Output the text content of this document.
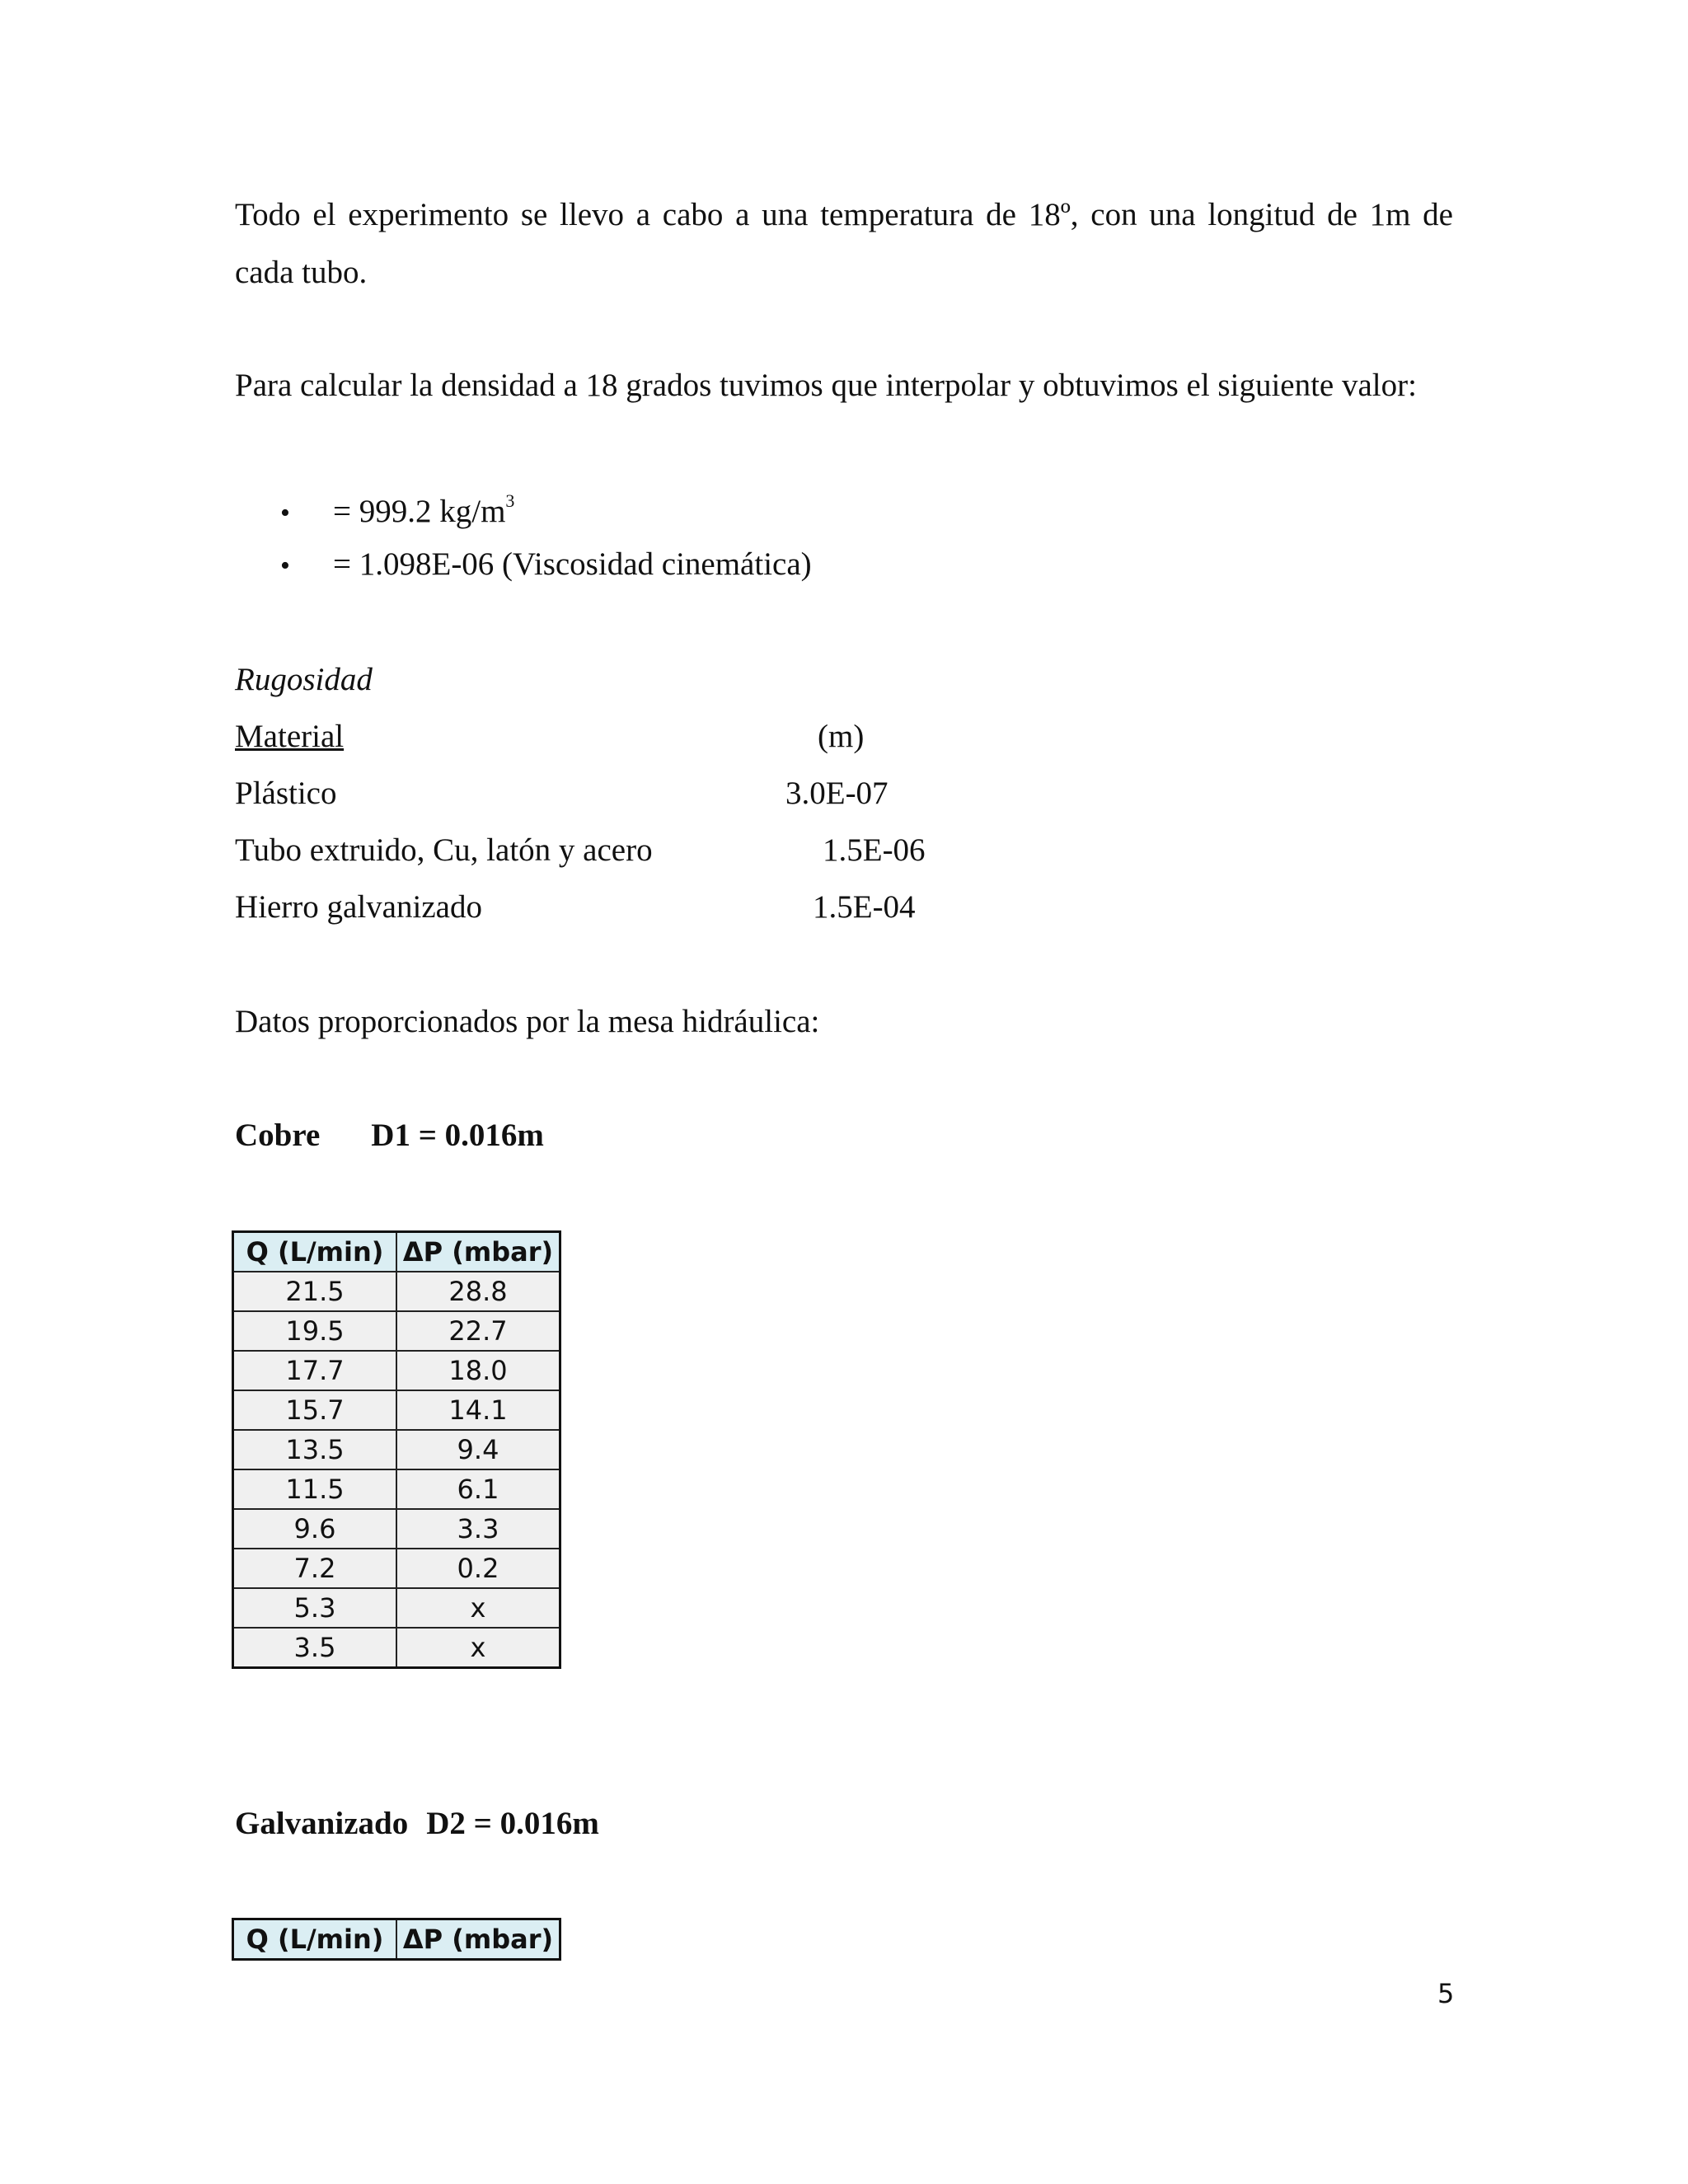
Todo el experimento se llevo a cabo a una temperatura de 18º, con una longitud de 1m de

cada tubo.

Para calcular la densidad a 18 grados tuvimos que interpolar y obtuvimos el siguiente valor:

• = 999.2 $kg/m^3$
• = 1.098E-06 (Viscosidad cinemática)
Rugosidad
Material	(m)
Plástico	3.0E-07
Tubo extruido, Cu, latón y acero	1.5E-06
Hierro galvanizado	1.5E-04

Datos proporcionados por la mesa hidráulica:

Cobre D1 = 0.016m
Q (L/min)	ΔP (mbar)
21.5	28.8
19.5	22.7
17.7	18.0
15.7	14.1
13.5	9.4
11.5	6.1
9.6	3.3
7.2	0.2
5.3	x
3.5	x
Galvanizado D2 = 0.016m
Q (L/min)	ΔP (mbar)
5
